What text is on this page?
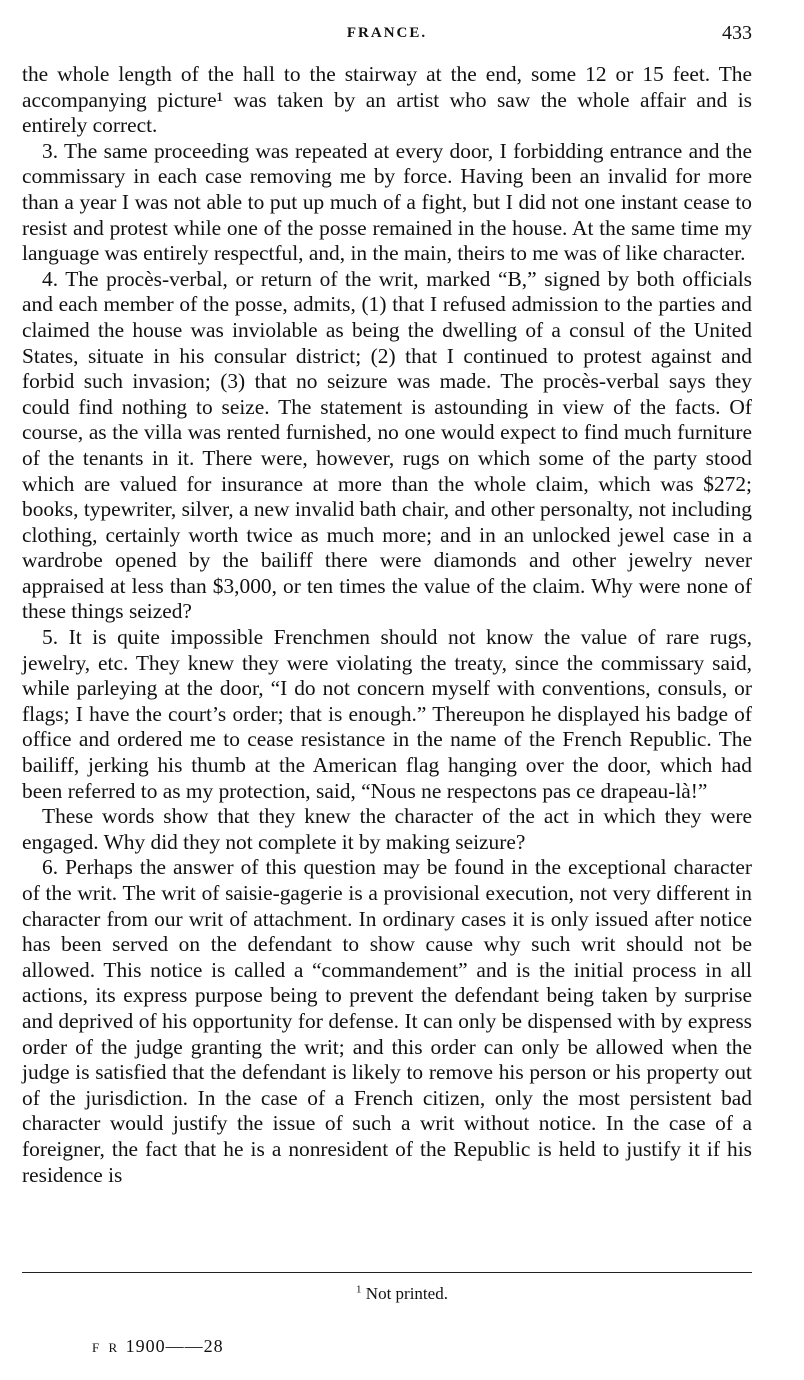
FRANCE.	433

the whole length of the hall to the stairway at the end, some 12 or 15 feet. The accompanying picture¹ was taken by an artist who saw the whole affair and is entirely correct.

3. The same proceeding was repeated at every door, I forbidding entrance and the commissary in each case removing me by force. Having been an invalid for more than a year I was not able to put up much of a fight, but I did not one instant cease to resist and protest while one of the posse remained in the house. At the same time my language was entirely respectful, and, in the main, theirs to me was of like character.

4. The procès-verbal, or return of the writ, marked “B,” signed by both officials and each member of the posse, admits, (1) that I refused admission to the parties and claimed the house was inviolable as being the dwelling of a consul of the United States, situate in his consular district; (2) that I continued to protest against and forbid such invasion; (3) that no seizure was made. The procès-verbal says they could find nothing to seize. The statement is astounding in view of the facts. Of course, as the villa was rented furnished, no one would expect to find much furniture of the tenants in it. There were, however, rugs on which some of the party stood which are valued for insurance at more than the whole claim, which was $272; books, typewriter, silver, a new invalid bath chair, and other personalty, not including clothing, certainly worth twice as much more; and in an unlocked jewel case in a wardrobe opened by the bailiff there were diamonds and other jewelry never appraised at less than $3,000, or ten times the value of the claim. Why were none of these things seized?

5. It is quite impossible Frenchmen should not know the value of rare rugs, jewelry, etc. They knew they were violating the treaty, since the commissary said, while parleying at the door, “I do not concern myself with conventions, consuls, or flags; I have the court’s order; that is enough.” Thereupon he displayed his badge of office and ordered me to cease resistance in the name of the French Republic. The bailiff, jerking his thumb at the American flag hanging over the door, which had been referred to as my protection, said, “Nous ne respectons pas ce drapeau-là!”

These words show that they knew the character of the act in which they were engaged. Why did they not complete it by making seizure?

6. Perhaps the answer of this question may be found in the exceptional character of the writ. The writ of saisie-gagerie is a provisional execution, not very different in character from our writ of attachment. In ordinary cases it is only issued after notice has been served on the defendant to show cause why such writ should not be allowed. This notice is called a “commandement” and is the initial process in all actions, its express purpose being to prevent the defendant being taken by surprise and deprived of his opportunity for defense. It can only be dispensed with by express order of the judge granting the writ; and this order can only be allowed when the judge is satisfied that the defendant is likely to remove his person or his property out of the jurisdiction. In the case of a French citizen, only the most persistent bad character would justify the issue of such a writ without notice. In the case of a foreigner, the fact that he is a nonresident of the Republic is held to justify it if his residence is

$^1$ Not printed.
F R 1900——28
